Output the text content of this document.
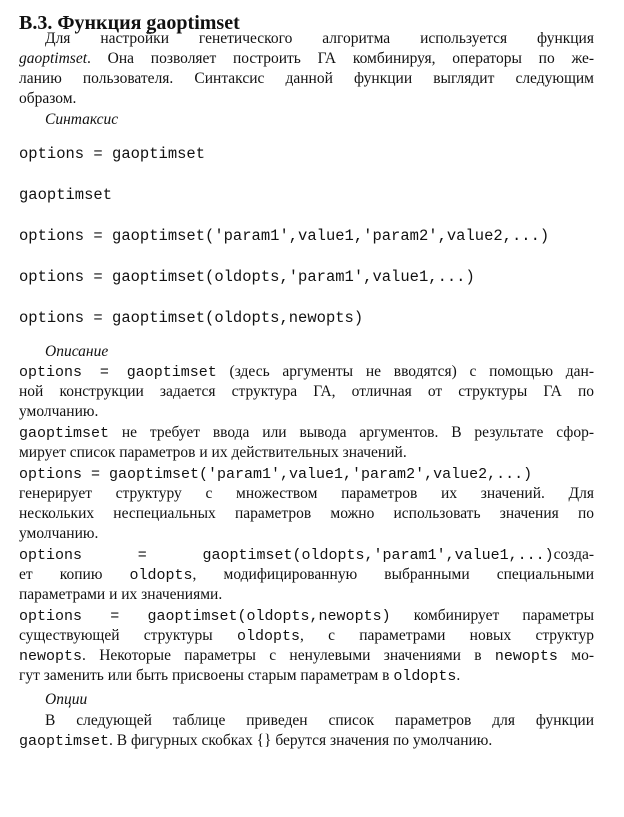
B.3. Функция gaoptimset
Для настройки генетического алгоритма используется функция
gaoptimset. Она позволяет построить ГА комбинируя, операторы по же-
ланию пользователя. Синтаксис данной функции выглядит следующим
образом.
Синтаксис
options = gaoptimset
gaoptimset
options = gaoptimset('param1',value1,'param2',value2,...)
options = gaoptimset(oldopts,'param1',value1,...)
options = gaoptimset(oldopts,newopts)
Описание
options = gaoptimset (здесь аргументы не вводятся) с помощью дан-
ной конструкции задается структура ГА, отличная от структуры ГА по
умолчанию.
gaoptimset не требует ввода или вывода аргументов. В результате сфор-
мирует список параметров и их действительных значений.
options = gaoptimset('param1',value1,'param2',value2,...)
генерирует структуру с множеством параметров их значений. Для
нескольких неспециальных параметров можно использовать значения по
умолчанию.
options = gaoptimset(oldopts,'param1',value1,...)созда-
ет копию oldopts, модифицированную выбранными специальными
параметрами и их значениями.
options = gaoptimset(oldopts,newopts) комбинирует параметры
существующей структуры oldopts, с параметрами новых структур
newopts. Некоторые параметры с ненулевыми значениями в newopts мо-
гут заменить или быть присвоены старым параметрам в oldopts.
Опции
В следующей таблице приведен список параметров для функции
gaoptimset. В фигурных скобках {} берутся значения по умолчанию.
